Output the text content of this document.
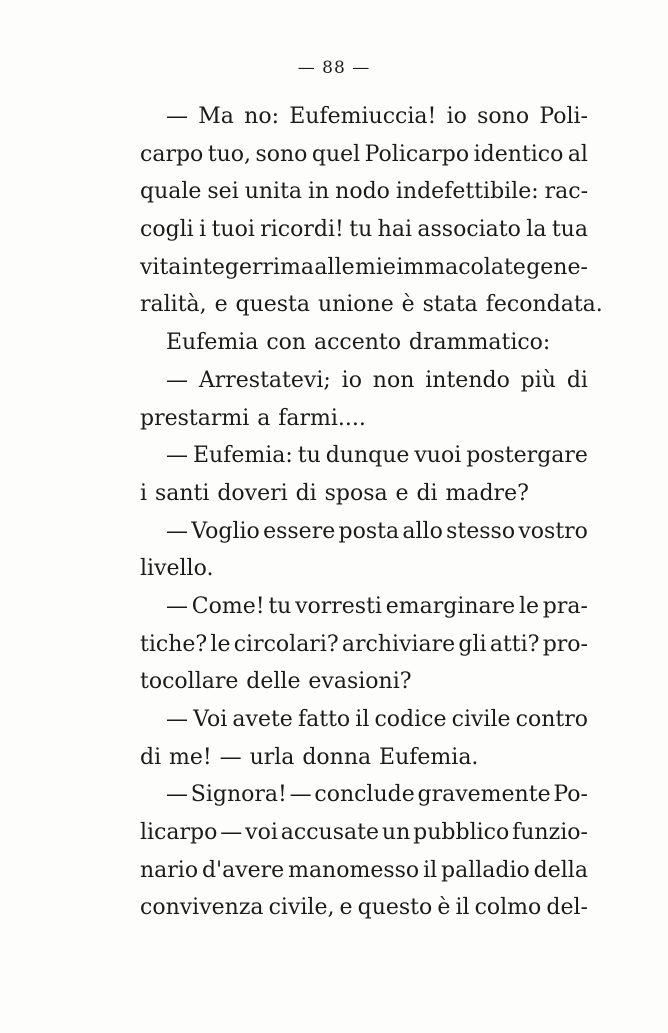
— 88 —
— Ma no: Eufemiuccia! io sono Poli-
carpo tuo, sono quel Policarpo identico al
quale sei unita in nodo indefettibile: rac-
cogli i tuoi ricordi! tu hai associato la tua
vita integerrima alle mie immacolate gene-
ralità, e questa unione è stata fecondata.
Eufemia con accento drammatico:
— Arrestatevi; io non intendo più di
prestarmi a farmi....
— Eufemia: tu dunque vuoi postergare
i santi doveri di sposa e di madre?
— Voglio essere posta allo stesso vostro
livello.
— Come! tu vorresti emarginare le pra-
tiche? le circolari? archiviare gli atti? pro-
tocollare delle evasioni?
— Voi avete fatto il codice civile contro
di me! — urla donna Eufemia.
— Signora! — conclude gravemente Po-
licarpo — voi accusate un pubblico funzio-
nario d'avere manomesso il palladio della
convivenza civile, e questo è il colmo del-
